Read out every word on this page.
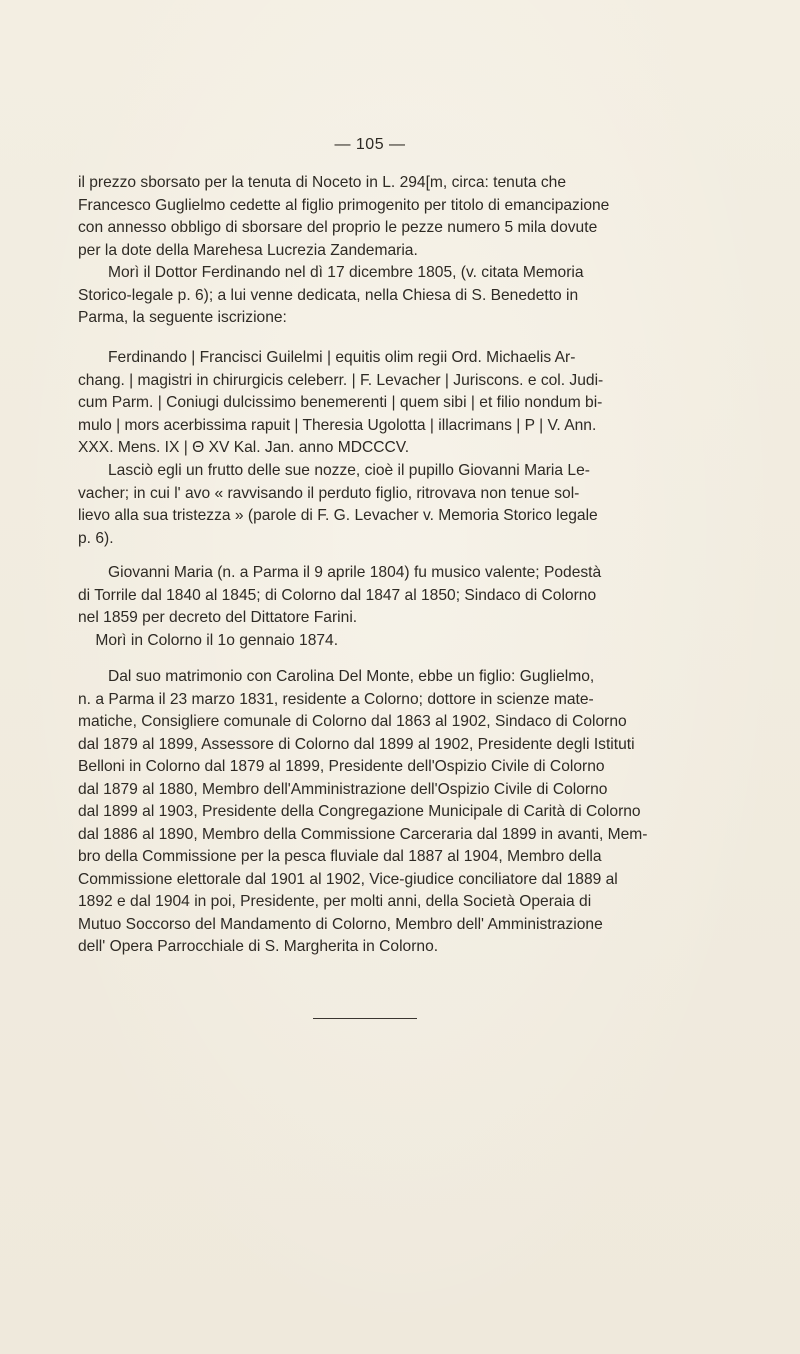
— 105 —
il prezzo sborsato per la tenuta di Noceto in L. 294[m, circa: tenuta che
Francesco Guglielmo cedette al figlio primogenito per titolo di emancipazione
con annesso obbligo di sborsare del proprio le pezze numero 5 mila dovute
per la dote della Marehesa Lucrezia Zandemaria.
Morì il Dottor Ferdinando nel dì 17 dicembre 1805, (v. citata Memoria
Storico-legale p. 6); a lui venne dedicata, nella Chiesa di S. Benedetto in
Parma, la seguente iscrizione:
Ferdinando | Francisci Guilelmi | equitis olim regii Ord. Michaelis Ar-
chang. | magistri in chirurgicis celeberr. | F. Levacher | Juriscons. e col. Judi-
cum Parm. | Coniugi dulcissimo benemerenti | quem sibi | et filio nondum bi-
mulo | mors acerbissima rapuit | Theresia Ugolotta | illacrimans | P | V. Ann.
XXX. Mens. IX | Θ XV Kal. Jan. anno MDCCCV.
Lasciò egli un frutto delle sue nozze, cioè il pupillo Giovanni Maria Le-
vacher; in cui l' avo « ravvisando il perduto figlio, ritrovava non tenue sol-
lievo alla sua tristezza » (parole di F. G. Levacher v. Memoria Storico legale
p. 6).
Giovanni Maria (n. a Parma il 9 aprile 1804) fu musico valente; Podestà
di Torrile dal 1840 al 1845; di Colorno dal 1847 al 1850; Sindaco di Colorno
nel 1859 per decreto del Dittatore Farini.
Morì in Colorno il 1o gennaio 1874.
Dal suo matrimonio con Carolina Del Monte, ebbe un figlio: Guglielmo,
n. a Parma il 23 marzo 1831, residente a Colorno; dottore in scienze mate-
matiche, Consigliere comunale di Colorno dal 1863 al 1902, Sindaco di Colorno
dal 1879 al 1899, Assessore di Colorno dal 1899 al 1902, Presidente degli Istituti
Belloni in Colorno dal 1879 al 1899, Presidente dell'Ospizio Civile di Colorno
dal 1879 al 1880, Membro dell'Amministrazione dell'Ospizio Civile di Colorno
dal 1899 al 1903, Presidente della Congregazione Municipale di Carità di Colorno
dal 1886 al 1890, Membro della Commissione Carceraria dal 1899 in avanti, Mem-
bro della Commissione per la pesca fluviale dal 1887 al 1904, Membro della
Commissione elettorale dal 1901 al 1902, Vice-giudice conciliatore dal 1889 al
1892 e dal 1904 in poi, Presidente, per molti anni, della Società Operaia di
Mutuo Soccorso del Mandamento di Colorno, Membro dell' Amministrazione
dell' Opera Parrocchiale di S. Margherita in Colorno.
